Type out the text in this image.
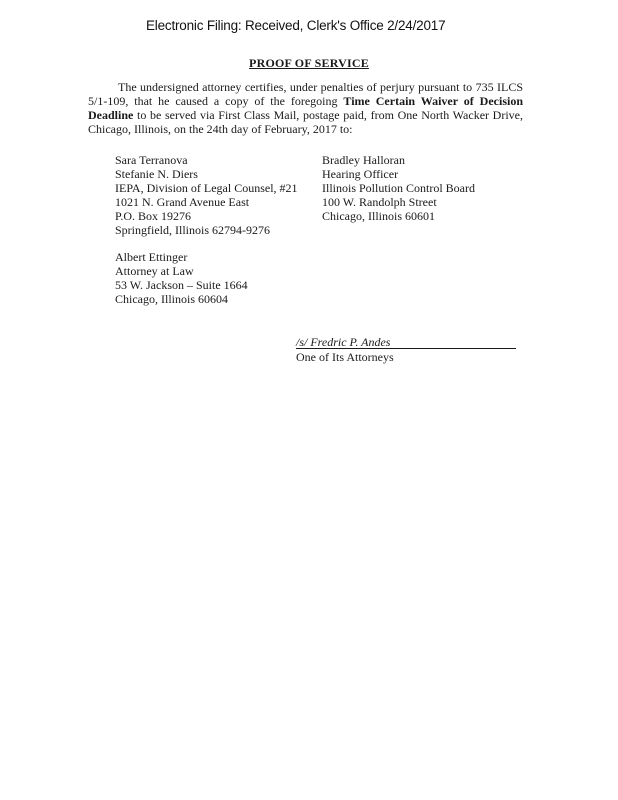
Electronic Filing: Received, Clerk's Office 2/24/2017
PROOF OF SERVICE
The undersigned attorney certifies, under penalties of perjury pursuant to 735 ILCS 5/1-109, that he caused a copy of the foregoing Time Certain Waiver of Decision Deadline to be served via First Class Mail, postage paid, from One North Wacker Drive, Chicago, Illinois, on the 24th day of February, 2017 to:
Sara Terranova
Stefanie N. Diers
IEPA, Division of Legal Counsel, #21
1021 N. Grand Avenue East
P.O. Box 19276
Springfield, Illinois 62794-9276
Bradley Halloran
Hearing Officer
Illinois Pollution Control Board
100 W. Randolph Street
Chicago, Illinois 60601
Albert Ettinger
Attorney at Law
53 W. Jackson – Suite 1664
Chicago, Illinois 60604
/s/ Fredric P. Andes
One of Its Attorneys
